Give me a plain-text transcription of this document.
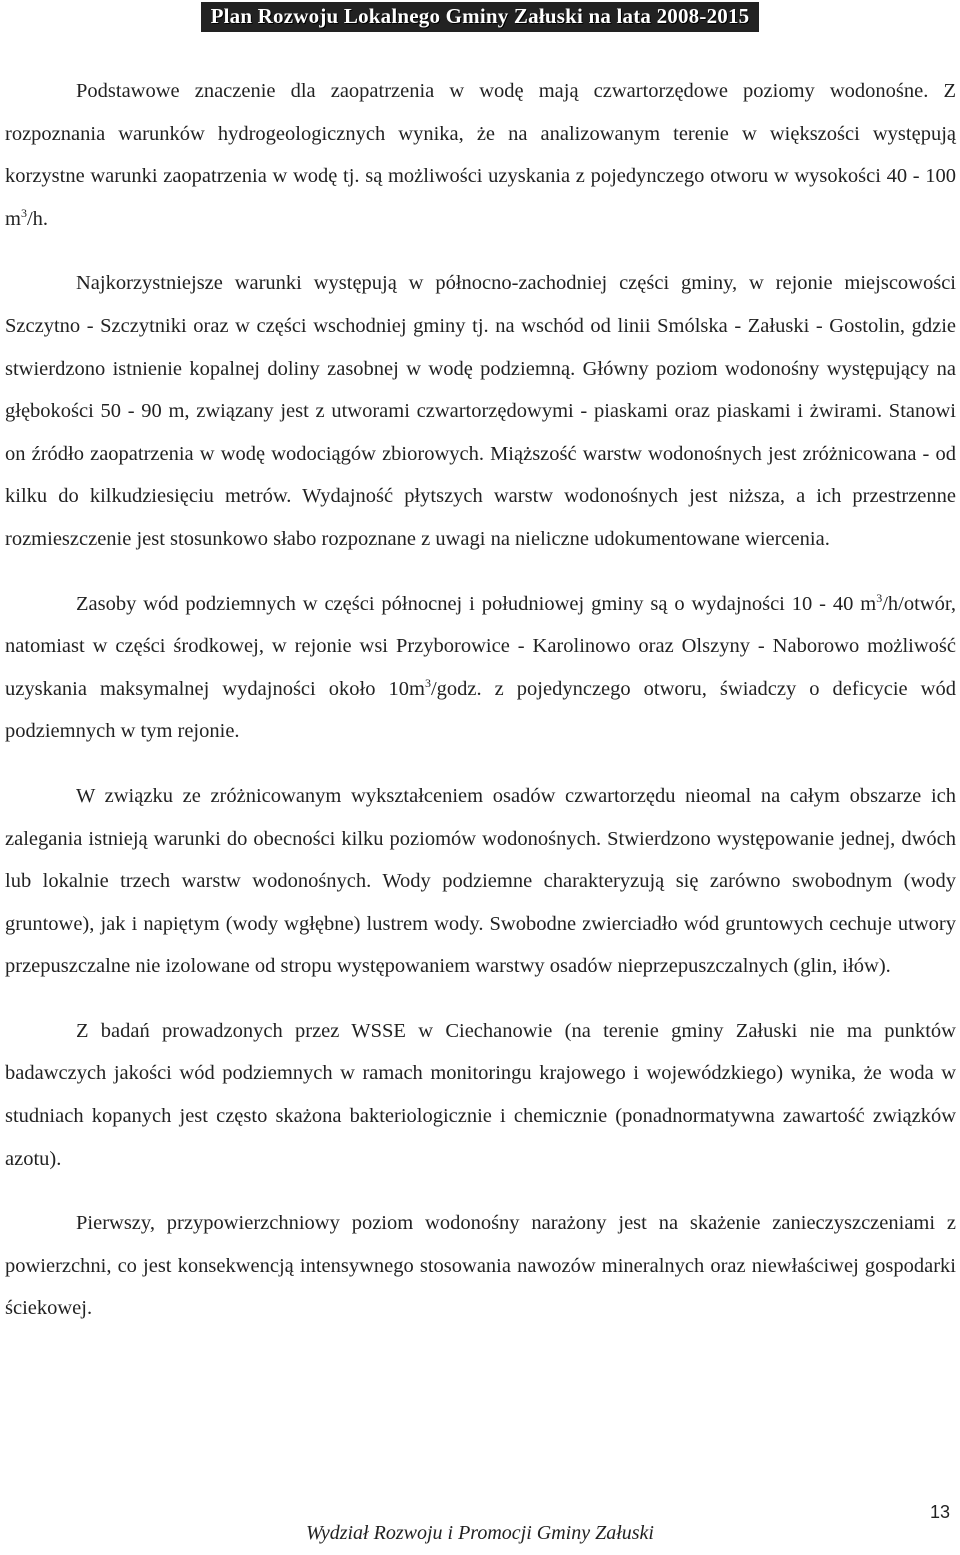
Plan Rozwoju Lokalnego Gminy Załuski na lata 2008-2015

Podstawowe znaczenie dla zaopatrzenia w wodę mają czwartorzędowe poziomy wodonośne. Z rozpoznania warunków hydrogeologicznych wynika, że na analizowanym terenie w większości występują korzystne warunki zaopatrzenia w wodę tj. są możliwości uzyskania z pojedynczego otworu w wysokości 40 - 100 $m^3/h$.

Najkorzystniejsze warunki występują w północno-zachodniej części gminy, w rejonie miejscowości Szczytno - Szczytniki oraz w części wschodniej gminy tj. na wschód od linii Smólska - Załuski - Gostolin, gdzie stwierdzono istnienie kopalnej doliny zasobnej w wodę podziemną. Główny poziom wodonośny występujący na głębokości 50 - 90 m, związany jest z utworami czwartorzędowymi - piaskami oraz piaskami i żwirami. Stanowi on źródło zaopatrzenia w wodę wodociągów zbiorowych. Miąższość warstw wodonośnych jest zróżnicowana - od kilku do kilkudziesięciu metrów. Wydajność płytszych warstw wodonośnych jest niższa, a ich przestrzenne rozmieszczenie jest stosunkowo słabo rozpoznane z uwagi na nieliczne udokumentowane wiercenia.

Zasoby wód podziemnych w części północnej i południowej gminy są o wydajności 10 - 40 $m^3/h$/otwór, natomiast w części środkowej, w rejonie wsi Przyborowice - Karolinowo oraz Olszyny - Naborowo możliwość uzyskania maksymalnej wydajności około $10m^3$/godz. z pojedynczego otworu, świadczy o deficycie wód podziemnych w tym rejonie.

W związku ze zróżnicowanym wykształceniem osadów czwartorzędu nieomal na całym obszarze ich zalegania istnieją warunki do obecności kilku poziomów wodonośnych. Stwierdzono występowanie jednej, dwóch lub lokalnie trzech warstw wodonośnych. Wody podziemne charakteryzują się zarówno swobodnym (wody gruntowe), jak i napiętym (wody wgłębne) lustrem wody. Swobodne zwierciadło wód gruntowych cechuje utwory przepuszczalne nie izolowane od stropu występowaniem warstwy osadów nieprzepuszczalnych (glin, iłów).

Z badań prowadzonych przez WSSE w Ciechanowie (na terenie gminy Załuski nie ma punktów badawczych jakości wód podziemnych w ramach monitoringu krajowego i wojewódzkiego) wynika, że woda w studniach kopanych jest często skażona bakteriologicznie i chemicznie (ponadnormatywna zawartość związków azotu).

Pierwszy, przypowierzchniowy poziom wodonośny narażony jest na skażenie zanieczyszczeniami z powierzchni, co jest konsekwencją intensywnego stosowania nawozów mineralnych oraz niewłaściwej gospodarki ściekowej.

13
Wydział Rozwoju i Promocji Gminy Załuski
